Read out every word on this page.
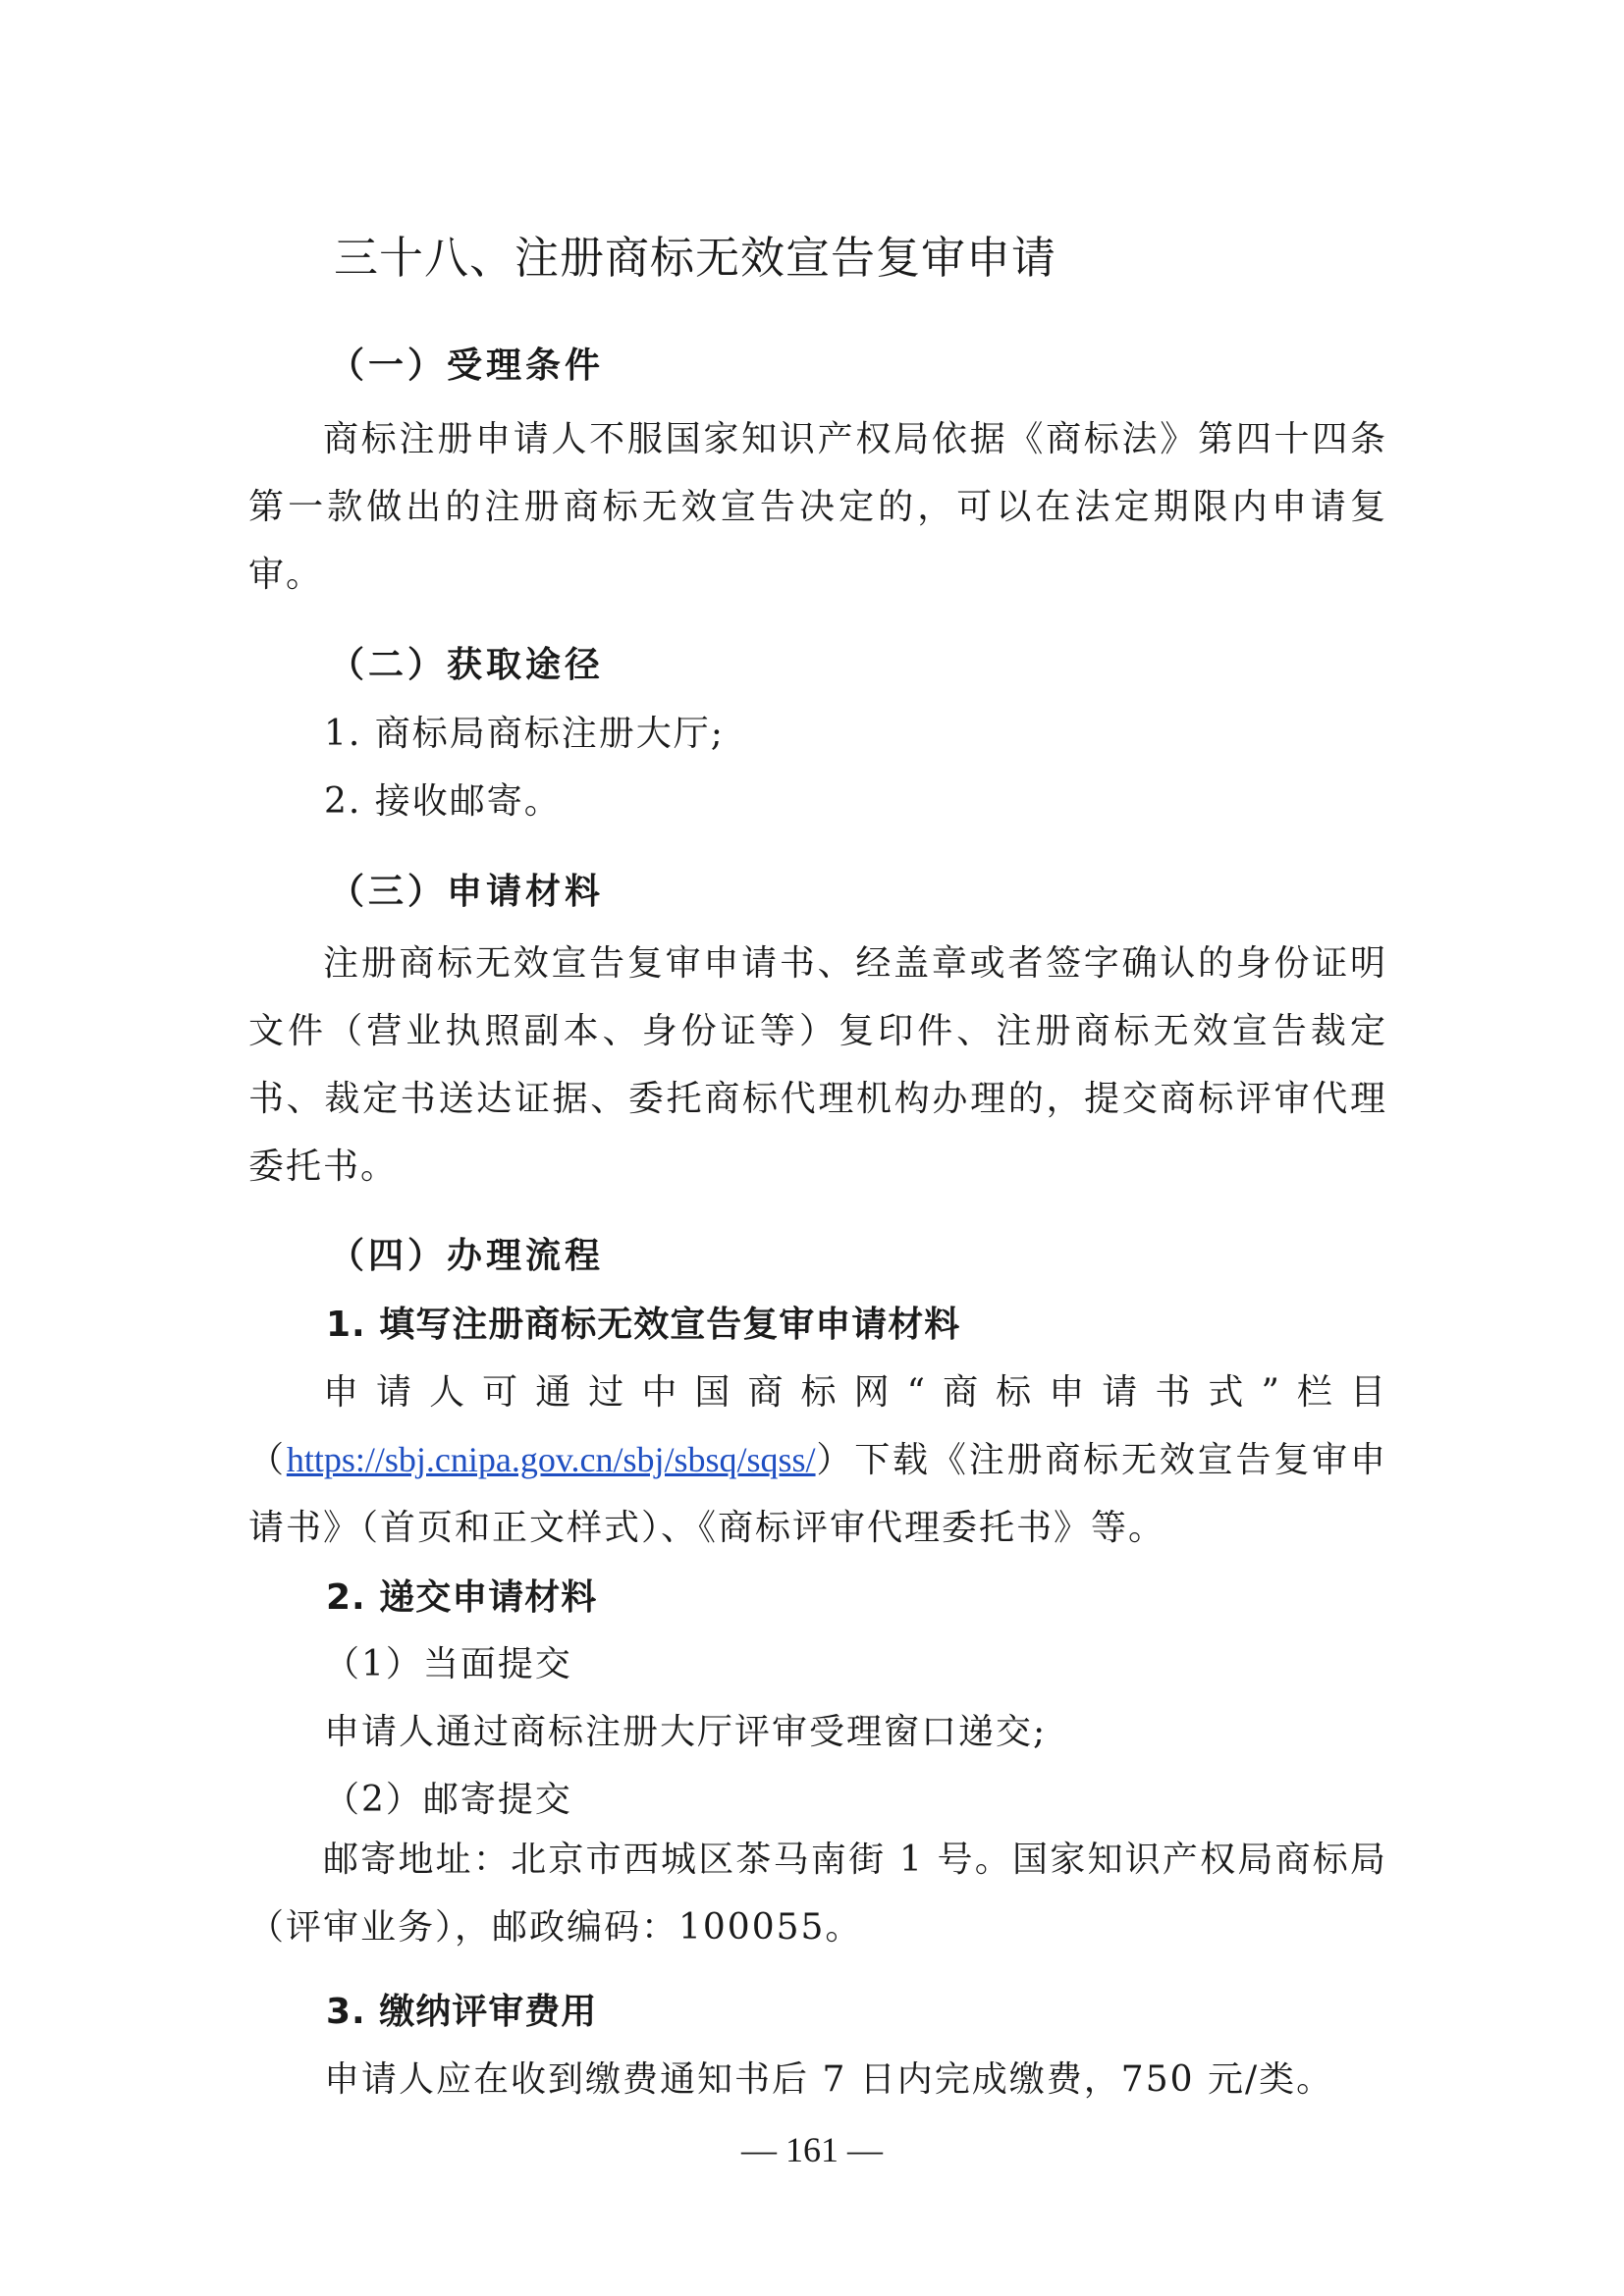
三十八、注册商标无效宣告复审申请
（一）受理条件
商标注册申请人不服国家知识产权局依据《商标法》第四十四条第一款做出的注册商标无效宣告决定的，可以在法定期限内申请复审。
（二）获取途径
1. 商标局商标注册大厅;
2. 接收邮寄。
（三）申请材料
注册商标无效宣告复审申请书、经盖章或者签字确认的身份证明文件（营业执照副本、身份证等）复印件、注册商标无效宣告裁定书、裁定书送达证据、委托商标代理机构办理的，提交商标评审代理委托书。
（四）办理流程
1. 填写注册商标无效宣告复审申请材料
申请人可通过中国商标网“商标申请书式”栏目（https://sbj.cnipa.gov.cn/sbj/sbsq/sqss/）下载《注册商标无效宣告复审申请书》（首页和正文样式）、《商标评审代理委托书》等。
2. 递交申请材料
（1）当面提交
申请人通过商标注册大厅评审受理窗口递交;
（2）邮寄提交
邮寄地址：北京市西城区茶马南街 1 号。国家知识产权局商标局（评审业务），邮政编码：100055。
3. 缴纳评审费用
申请人应在收到缴费通知书后 7 日内完成缴费，750 元/类。
— 161 —
